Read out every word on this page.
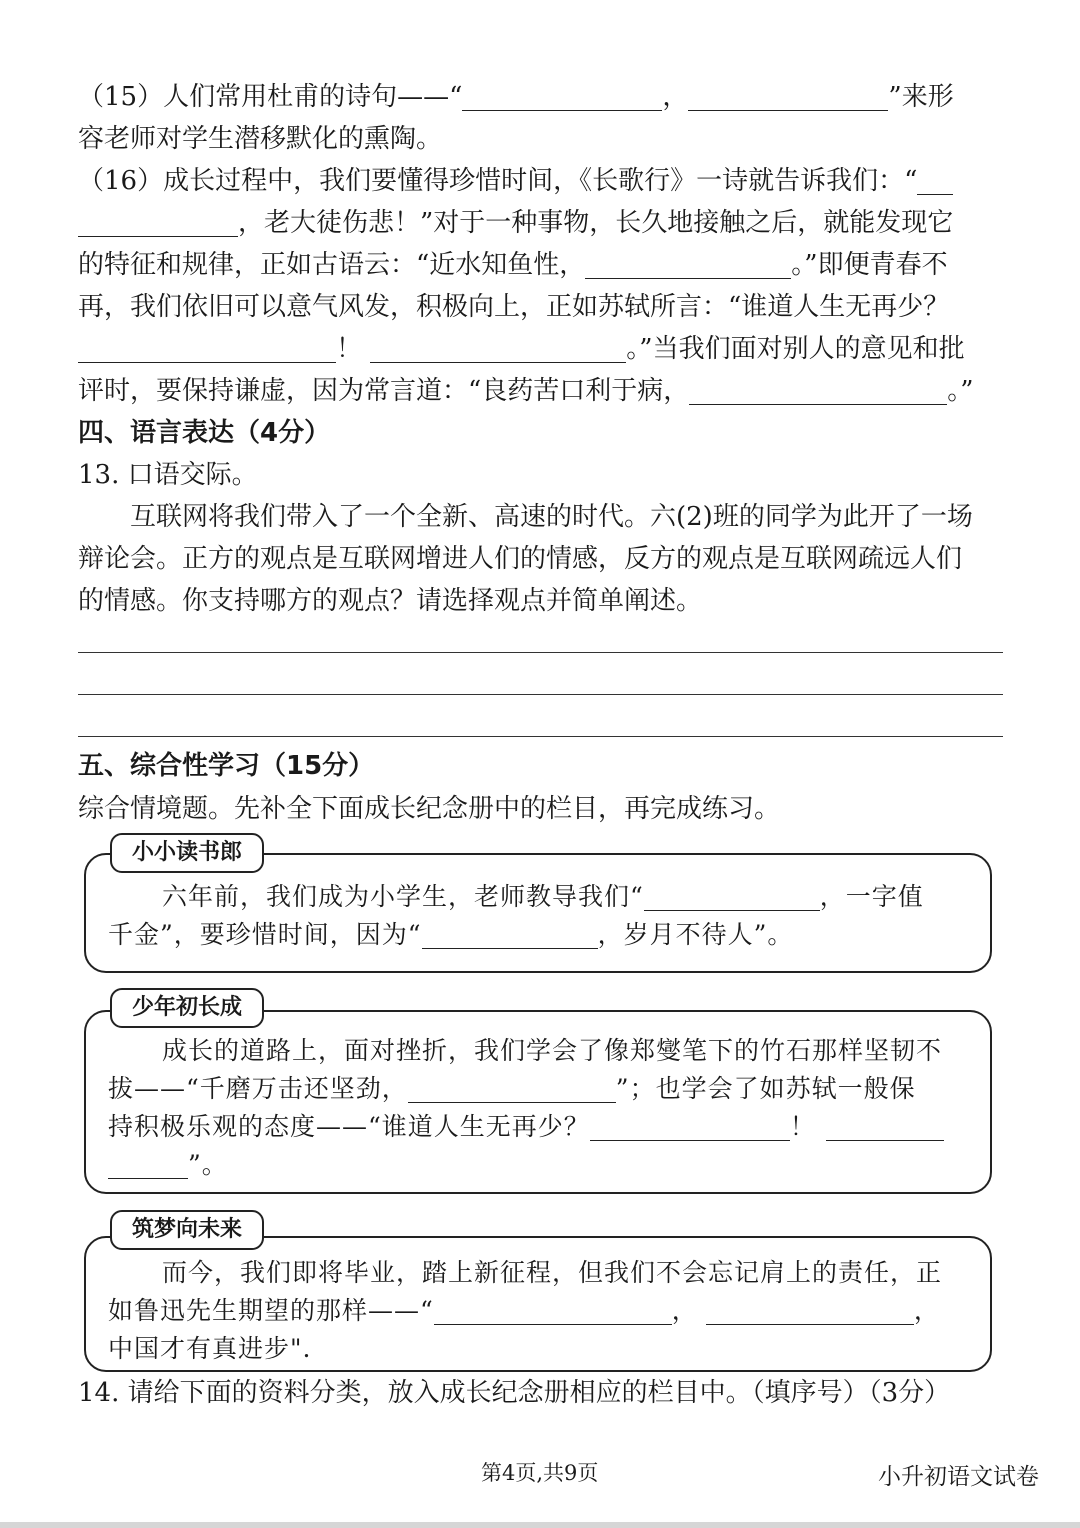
（15）人们常用杜甫的诗句——“	，	”来形
容老师对学生潜移默化的熏陶。
（16）成长过程中，我们要懂得珍惜时间，《长歌行》一诗就告诉我们：“
，老大徒伤悲！”对于一种事物，长久地接触之后，就能发现它
的特征和规律，正如古语云：“近水知鱼性，	。”即便青春不
再，我们依旧可以意气风发，积极向上，正如苏轼所言：“谁道人生无再少？
！	。”当我们面对别人的意见和批
评时，要保持谦虚，因为常言道：“良药苦口利于病，	。”
四、语言表达（4分）
13. 口语交际。
互联网将我们带入了一个全新、高速的时代。六(2)班的同学为此开了一场
辩论会。正方的观点是互联网增进人们的情感，反方的观点是互联网疏远人们
的情感。你支持哪方的观点？请选择观点并简单阐述。
五、综合性学习（15分）
综合情境题。先补全下面成长纪念册中的栏目，再完成练习。
小小读书郎
六年前，我们成为小学生，老师教导我们“	，一字值
千金”，要珍惜时间，因为“	，岁月不待人”。
少年初长成
成长的道路上，面对挫折，我们学会了像郑燮笔下的竹石那样坚韧不
拔——“千磨万击还坚劲，	”；也学会了如苏轼一般保
持积极乐观的态度——“谁道人生无再少？	！
”。
筑梦向未来
而今，我们即将毕业，踏上新征程，但我们不会忘记肩上的责任，正
如鲁迅先生期望的那样——“	，	，
中国才有真进步".
14. 请给下面的资料分类，放入成长纪念册相应的栏目中。（填序号）（3分）
第4页,共9页	小升初语文试卷
